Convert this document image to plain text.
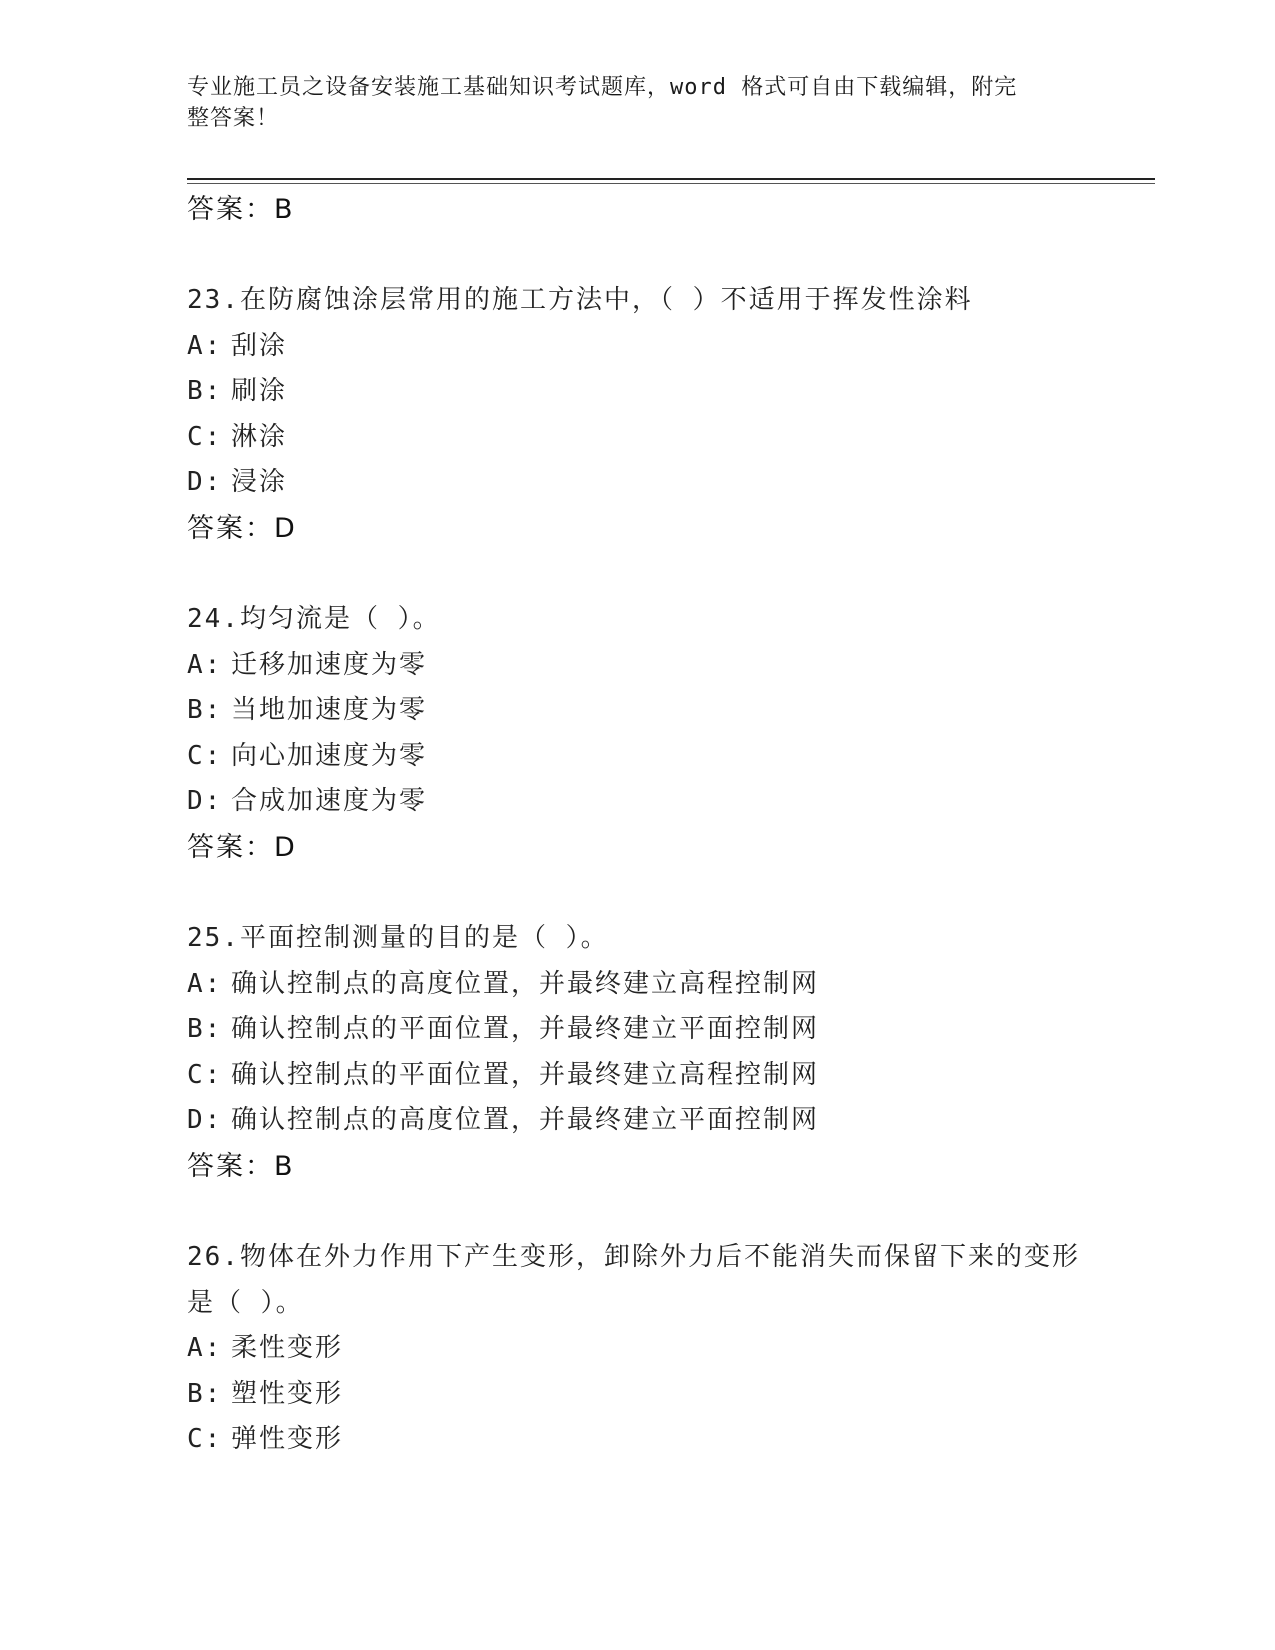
专业施工员之设备安装施工基础知识考试题库，word 格式可自由下载编辑，附完
整答案！
答案：B
23.在防腐蚀涂层常用的施工方法中，（ ）不适用于挥发性涂料
A: 刮涂
B: 刷涂
C: 淋涂
D: 浸涂
答案：D
24.均匀流是（ ）。
A: 迁移加速度为零
B: 当地加速度为零
C: 向心加速度为零
D: 合成加速度为零
答案：D
25.平面控制测量的目的是（ ）。
A: 确认控制点的高度位置，并最终建立高程控制网
B: 确认控制点的平面位置，并最终建立平面控制网
C: 确认控制点的平面位置，并最终建立高程控制网
D: 确认控制点的高度位置，并最终建立平面控制网
答案：B
26.物体在外力作用下产生变形，卸除外力后不能消失而保留下来的变形是（ ）。
A: 柔性变形
B: 塑性变形
C: 弹性变形
